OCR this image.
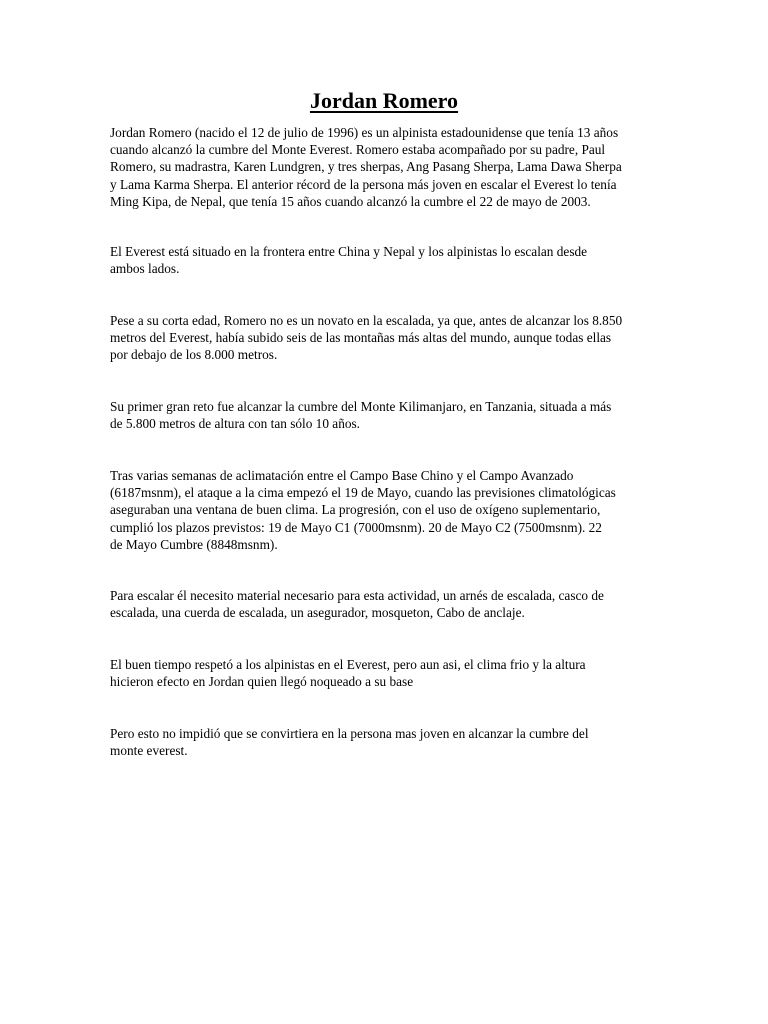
Jordan Romero

Jordan Romero (nacido el 12 de julio de 1996) es un alpinista estadounidense que tenía 13 años
cuando alcanzó la cumbre del Monte Everest. Romero estaba acompañado por su padre, Paul
Romero, su madrastra, Karen Lundgren, y tres sherpas, Ang Pasang Sherpa, Lama Dawa Sherpa
y Lama Karma Sherpa. El anterior récord de la persona más joven en escalar el Everest lo tenía
Ming Kipa, de Nepal, que tenía 15 años cuando alcanzó la cumbre el 22 de mayo de 2003.

El Everest está situado en la frontera entre China y Nepal y los alpinistas lo escalan desde
ambos lados.

Pese a su corta edad, Romero no es un novato en la escalada, ya que, antes de alcanzar los 8.850
metros del Everest, había subido seis de las montañas más altas del mundo, aunque todas ellas
por debajo de los 8.000 metros.

Su primer gran reto fue alcanzar la cumbre del Monte Kilimanjaro, en Tanzania, situada a más
de 5.800 metros de altura con tan sólo 10 años.

Tras varias semanas de aclimatación entre el Campo Base Chino y el Campo Avanzado
(6187msnm), el ataque a la cima empezó el 19 de Mayo, cuando las previsiones climatológicas
aseguraban una ventana de buen clima. La progresión, con el uso de oxígeno suplementario,
cumplió los plazos previstos: 19 de Mayo C1 (7000msnm). 20 de Mayo C2 (7500msnm). 22
de Mayo Cumbre (8848msnm).

Para escalar él necesito material necesario para esta actividad, un arnés de escalada, casco de
escalada, una cuerda de escalada, un asegurador, mosqueton, Cabo de anclaje.

El buen tiempo respetó a los alpinistas en el Everest, pero aun asi, el clima frio y la altura
hicieron efecto en Jordan quien llegó noqueado a su base

Pero esto no impidió que se convirtiera en la persona mas joven en alcanzar la cumbre del
monte everest.
